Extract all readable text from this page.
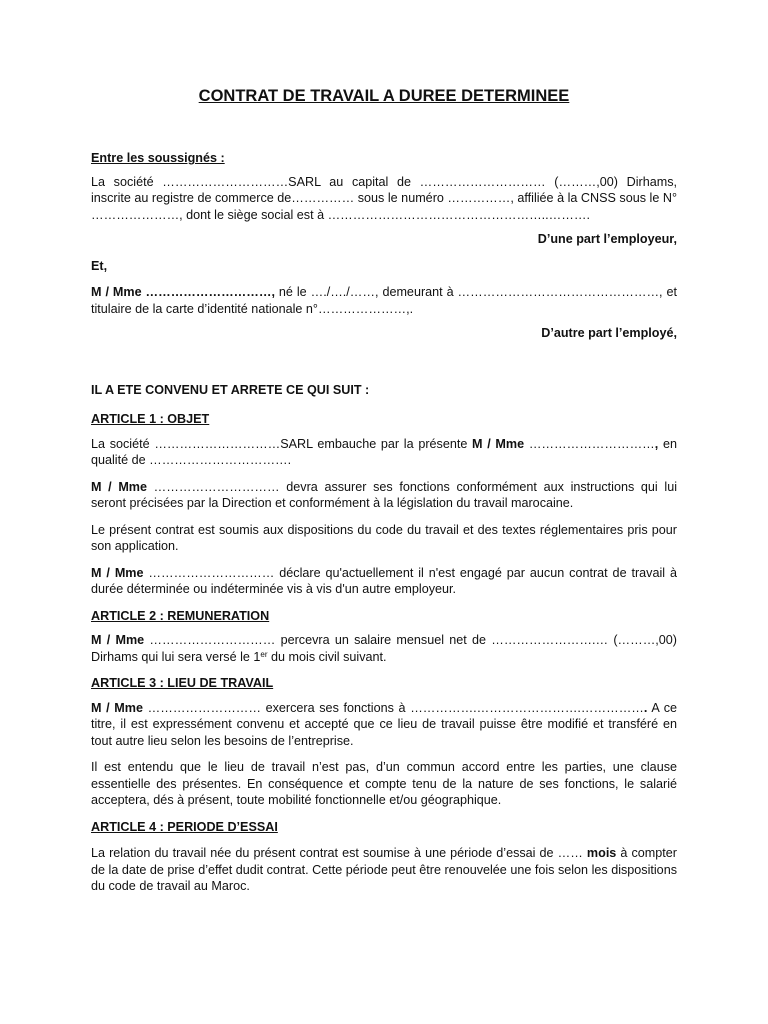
CONTRAT DE TRAVAIL A DUREE DETERMINEE

Entre les soussignés :

La société …………………………SARL au capital de ………………………… (………,00) Dirhams, inscrite au registre de commerce de…………… sous le numéro ……………, affiliée à la CNSS sous le N° …………………, dont le siège social est à ……………………………………………..……….

D’une part l’employeur,

Et,

M / Mme …………………………, né le …./…./……, demeurant à …………………………………………, et titulaire de la carte d’identité nationale n°…………………,.

D’autre part l’employé,

IL A ETE CONVENU ET ARRETE CE QUI SUIT :

ARTICLE 1 : OBJET

La société …………………………SARL embauche par la présente M / Mme …………………………, en qualité de …………………………….

M / Mme ………………………… devra assurer ses fonctions conformément aux instructions qui lui seront précisées par la Direction et conformément à la législation du travail marocaine.

Le présent contrat est soumis aux dispositions du code du travail et des textes réglementaires pris pour son application.

M / Mme ………………………… déclare qu'actuellement il n'est engagé par aucun contrat de travail à durée déterminée ou indéterminée vis à vis d'un autre employeur.

ARTICLE 2 : REMUNERATION

M / Mme ………………………… percevra un salaire mensuel net de …………………….… (………,00) Dirhams qui lui sera versé le 1er du mois civil suivant.

ARTICLE 3 : LIEU DE TRAVAIL

M / Mme ……………………… exercera ses fonctions à …………….…………………….……………. A ce titre, il est expressément convenu et accepté que ce lieu de travail puisse être modifié et transféré en tout autre lieu selon les besoins de l’entreprise.

Il est entendu que le lieu de travail n’est pas, d’un commun accord entre les parties, une clause essentielle des présentes. En conséquence et compte tenu de la nature de ses fonctions, le salarié acceptera, dés à présent, toute mobilité fonctionnelle et/ou géographique.

ARTICLE 4 : PERIODE D’ESSAI

La relation du travail née du présent contrat est soumise à une période d’essai de …… mois à compter de la date de prise d’effet dudit contrat. Cette période peut être renouvelée une fois selon les dispositions du code de travail au Maroc.
